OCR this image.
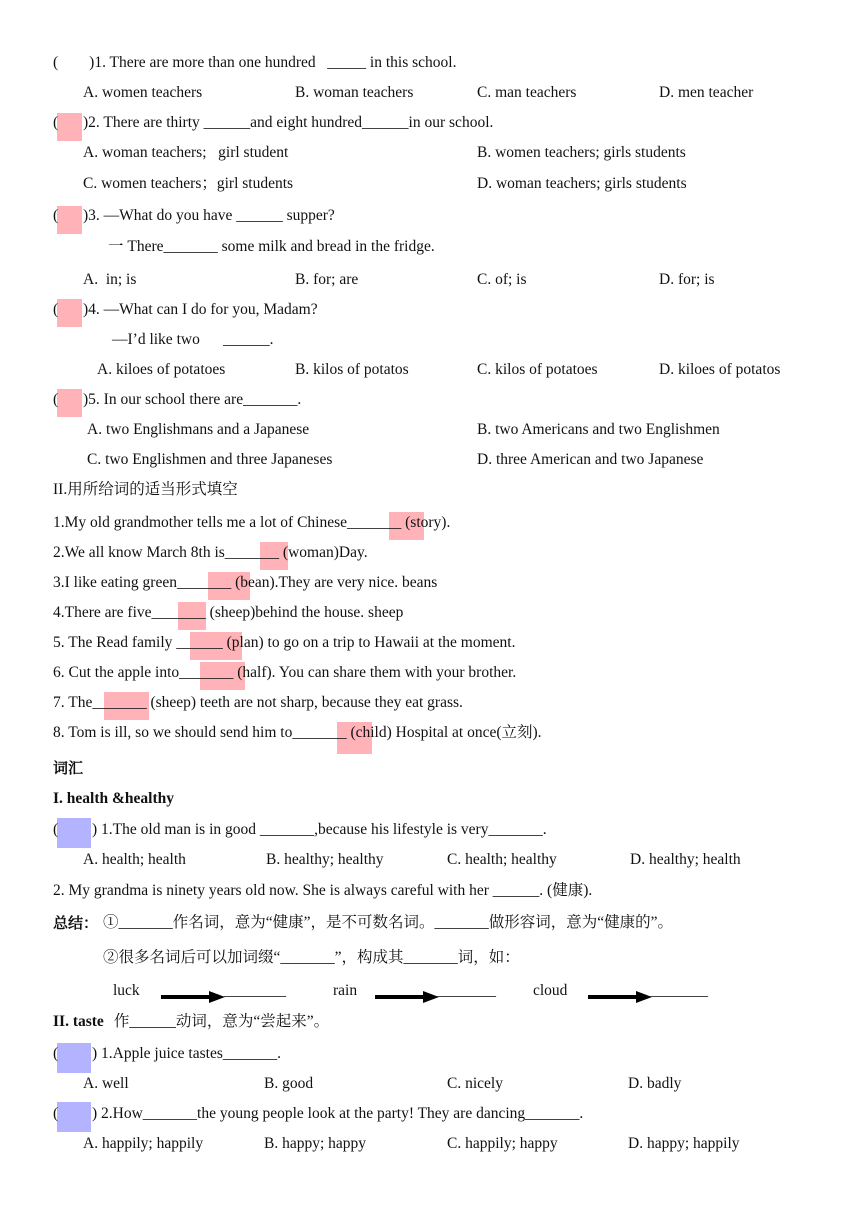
(        )1. There are more than one hundred   _____ in this school.
A. women teachers	B. woman teachers	C. man teachers	D. men teacher
( )2. There are thirty ______and eight hundred______in our school.
A. woman teachers;   girl student	B. women teachers; girls students
C. women teachers；girl students	D. woman teachers; girls students
( )3. —What do you have ______ supper?
一 There_______ some milk and bread in the fridge.
A.  in; is	B. for; are	C. of; is	D. for; is
( )4. —What can I do for you, Madam?
—I’d like two      ______.
A. kiloes of potatoes	B. kilos of potatos	C. kilos of potatoes	D. kiloes of potatos
( )5. In our school there are_______.
A. two Englishmans and a Japanese	B. two Americans and two Englishmen
C. two Englishmen and three Japaneses	D. three American and two Japanese
II.用所给词的适当形式填空
1.My old grandmother tells me a lot of Chinese_______ (story).
2.We all know March 8th is_______ (woman)Day.
3.I like eating green_______ (bean).They are very nice. beans
4.There are five_______ (sheep)behind the house. sheep
5. The Read family ______ (plan) to go on a trip to Hawaii at the moment.
6. Cut the apple into_______ (half). You can share them with your brother.
7. The_______ (sheep) teeth are not sharp, because they eat grass.
8. Tom is ill, so we should send him to_______ (child) Hospital at once(立刻).
词汇
I. health &healthy
( ) 1.The old man is in good _______,because his lifestyle is very_______.
A. health; health	B. healthy; healthy	C. health; healthy	D. healthy; health
2. My grandma is ninety years old now. She is always careful with her ______. (健康).
总结： ①_______作名词，意为“健康”，是不可数名词。_______做形容词，意为“健康的”。
②很多名词后可以加词缀“_______”，构成其_______词，如：
luck	________	rain	________ cloud	________
II. taste 作______动词，意为“尝起来”。
( ) 1.Apple juice tastes_______.
A. well	B. good	C. nicely	D. badly
( ) 2.How_______the young people look at the party! They are dancing_______.
A. happily; happily	B. happy; happy	C. happily; happy	D. happy; happily
